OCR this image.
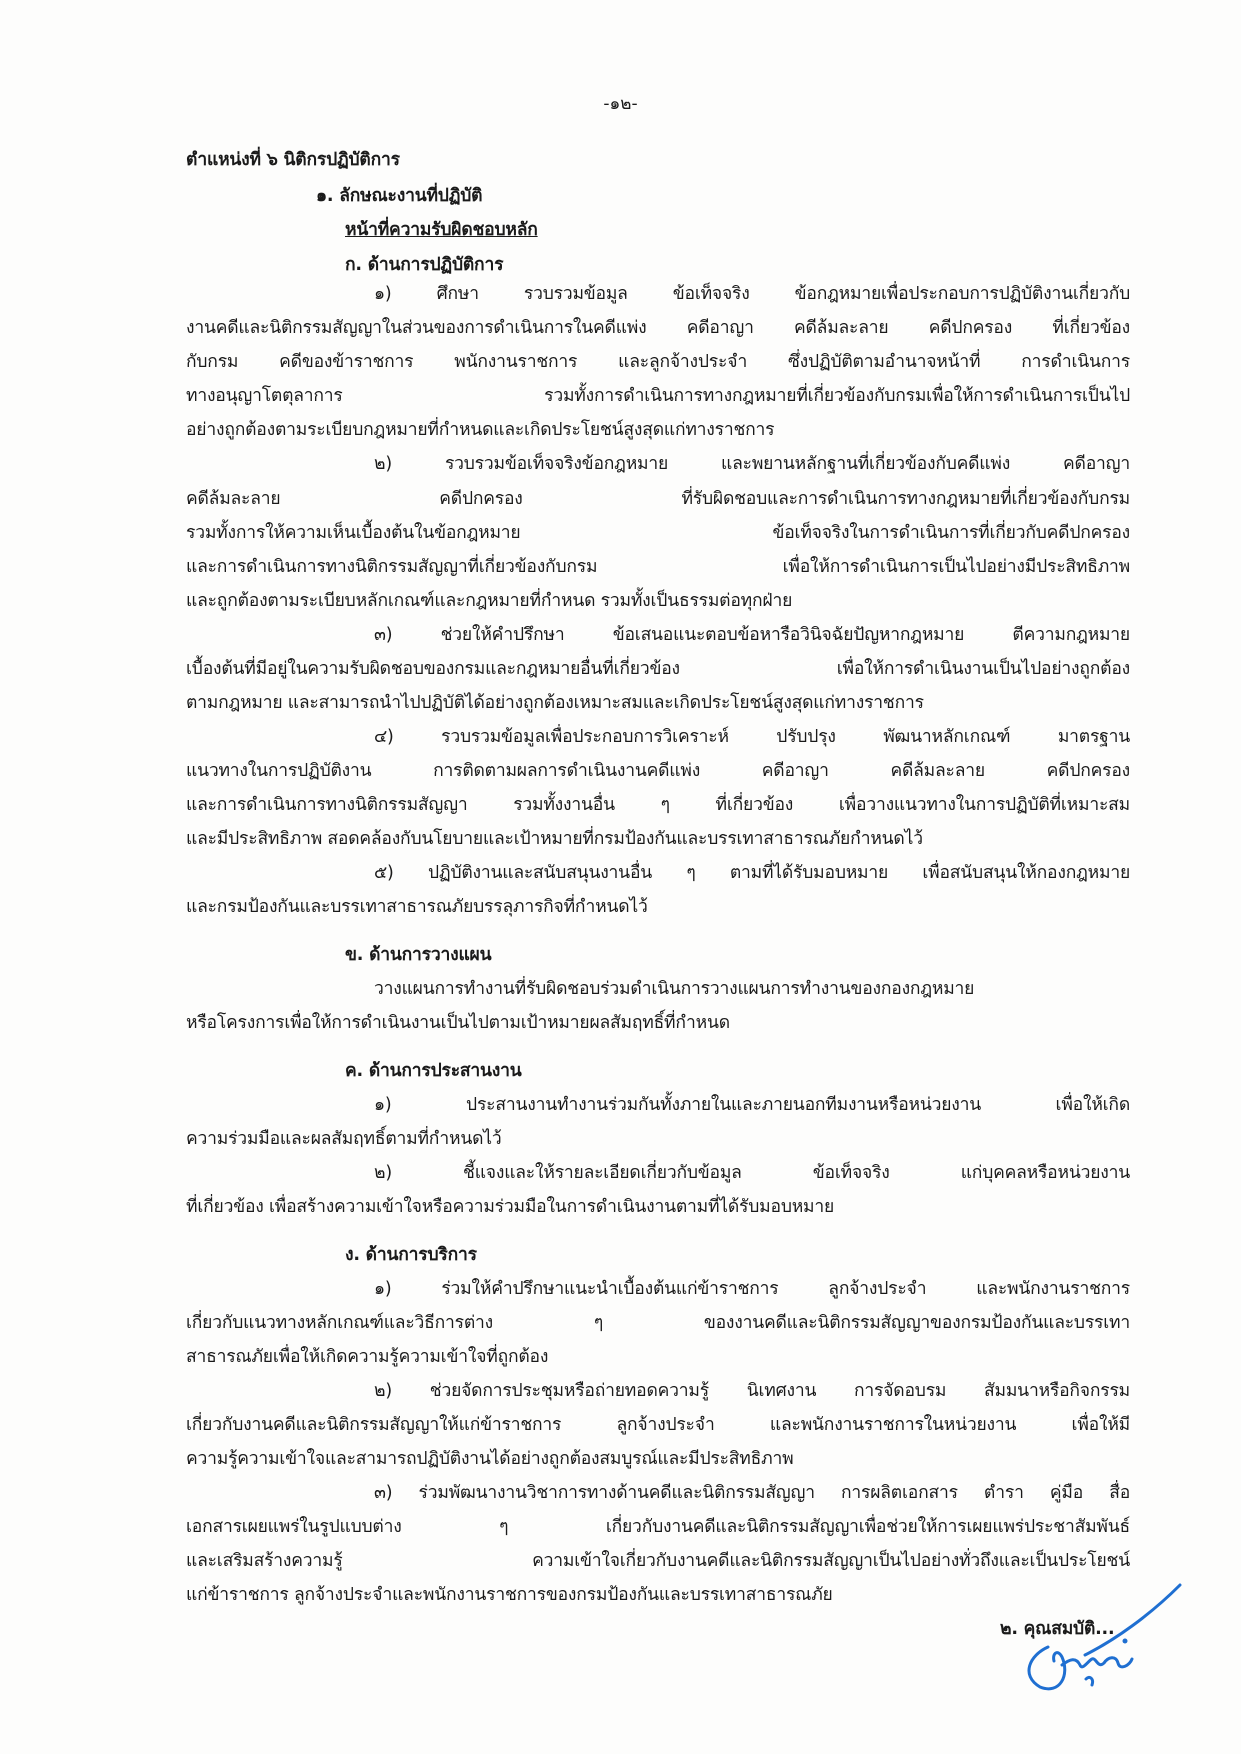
-๑๒-
ตำแหน่งที่ ๖ นิติกรปฏิบัติการ
๑. ลักษณะงานที่ปฏิบัติ
หน้าที่ความรับผิดชอบหลัก
ก. ด้านการปฏิบัติการ
๑) ศึกษา รวบรวมข้อมูล ข้อเท็จจริง ข้อกฎหมายเพื่อประกอบการปฏิบัติงานเกี่ยวกับ
งานคดีและนิติกรรมสัญญาในส่วนของการดำเนินการในคดีแพ่ง คดีอาญา คดีล้มละลาย คดีปกครอง ที่เกี่ยวข้อง
กับกรม คดีของข้าราชการ พนักงานราชการ และลูกจ้างประจำ ซึ่งปฏิบัติตามอำนาจหน้าที่ การดำเนินการ
ทางอนุญาโตตุลาการ รวมทั้งการดำเนินการทางกฎหมายที่เกี่ยวข้องกับกรมเพื่อให้การดำเนินการเป็นไป
อย่างถูกต้องตามระเบียบกฎหมายที่กำหนดและเกิดประโยชน์สูงสุดแก่ทางราชการ
๒) รวบรวมข้อเท็จจริงข้อกฎหมาย และพยานหลักฐานที่เกี่ยวข้องกับคดีแพ่ง คดีอาญา
คดีล้มละลาย คดีปกครอง ที่รับผิดชอบและการดำเนินการทางกฎหมายที่เกี่ยวข้องกับกรม
รวมทั้งการให้ความเห็นเบื้องต้นในข้อกฎหมาย ข้อเท็จจริงในการดำเนินการที่เกี่ยวกับคดีปกครอง
และการดำเนินการทางนิติกรรมสัญญาที่เกี่ยวข้องกับกรม เพื่อให้การดำเนินการเป็นไปอย่างมีประสิทธิภาพ
และถูกต้องตามระเบียบหลักเกณฑ์และกฎหมายที่กำหนด รวมทั้งเป็นธรรมต่อทุกฝ่าย
๓) ช่วยให้คำปรึกษา ข้อเสนอแนะตอบข้อหารือวินิจฉัยปัญหากฎหมาย ตีความกฎหมาย
เบื้องต้นที่มีอยู่ในความรับผิดชอบของกรมและกฎหมายอื่นที่เกี่ยวข้อง เพื่อให้การดำเนินงานเป็นไปอย่างถูกต้อง
ตามกฎหมาย และสามารถนำไปปฏิบัติได้อย่างถูกต้องเหมาะสมและเกิดประโยชน์สูงสุดแก่ทางราชการ
๔) รวบรวมข้อมูลเพื่อประกอบการวิเคราะห์ ปรับปรุง พัฒนาหลักเกณฑ์ มาตรฐาน
แนวทางในการปฏิบัติงาน การติดตามผลการดำเนินงานคดีแพ่ง คดีอาญา คดีล้มละลาย คดีปกครอง
และการดำเนินการทางนิติกรรมสัญญา รวมทั้งงานอื่น ๆ ที่เกี่ยวข้อง เพื่อวางแนวทางในการปฏิบัติที่เหมาะสม
และมีประสิทธิภาพ สอดคล้องกับนโยบายและเป้าหมายที่กรมป้องกันและบรรเทาสาธารณภัยกำหนดไว้
๕) ปฏิบัติงานและสนับสนุนงานอื่น ๆ ตามที่ได้รับมอบหมาย เพื่อสนับสนุนให้กองกฎหมาย
และกรมป้องกันและบรรเทาสาธารณภัยบรรลุภารกิจที่กำหนดไว้
ข. ด้านการวางแผน
วางแผนการทำงานที่รับผิดชอบร่วมดำเนินการวางแผนการทำงานของกองกฎหมาย
หรือโครงการเพื่อให้การดำเนินงานเป็นไปตามเป้าหมายผลสัมฤทธิ์ที่กำหนด
ค. ด้านการประสานงาน
๑) ประสานงานทำงานร่วมกันทั้งภายในและภายนอกทีมงานหรือหน่วยงาน เพื่อให้เกิด
ความร่วมมือและผลสัมฤทธิ์ตามที่กำหนดไว้
๒) ชี้แจงและให้รายละเอียดเกี่ยวกับข้อมูล ข้อเท็จจริง แก่บุคคลหรือหน่วยงาน
ที่เกี่ยวข้อง เพื่อสร้างความเข้าใจหรือความร่วมมือในการดำเนินงานตามที่ได้รับมอบหมาย
ง. ด้านการบริการ
๑) ร่วมให้คำปรึกษาแนะนำเบื้องต้นแก่ข้าราชการ ลูกจ้างประจำ และพนักงานราชการ
เกี่ยวกับแนวทางหลักเกณฑ์และวิธีการต่าง ๆ ของงานคดีและนิติกรรมสัญญาของกรมป้องกันและบรรเทา
สาธารณภัยเพื่อให้เกิดความรู้ความเข้าใจที่ถูกต้อง
๒) ช่วยจัดการประชุมหรือถ่ายทอดความรู้ นิเทศงาน การจัดอบรม สัมมนาหรือกิจกรรม
เกี่ยวกับงานคดีและนิติกรรมสัญญาให้แก่ข้าราชการ ลูกจ้างประจำ และพนักงานราชการในหน่วยงาน เพื่อให้มี
ความรู้ความเข้าใจและสามารถปฏิบัติงานได้อย่างถูกต้องสมบูรณ์และมีประสิทธิภาพ
๓) ร่วมพัฒนางานวิชาการทางด้านคดีและนิติกรรมสัญญา การผลิตเอกสาร ตำรา คู่มือ สื่อ
เอกสารเผยแพร่ในรูปแบบต่าง ๆ เกี่ยวกับงานคดีและนิติกรรมสัญญาเพื่อช่วยให้การเผยแพร่ประชาสัมพันธ์
และเสริมสร้างความรู้ ความเข้าใจเกี่ยวกับงานคดีและนิติกรรมสัญญาเป็นไปอย่างทั่วถึงและเป็นประโยชน์
แก่ข้าราชการ ลูกจ้างประจำและพนักงานราชการของกรมป้องกันและบรรเทาสาธารณภัย
๒. คุณสมบัติ...
